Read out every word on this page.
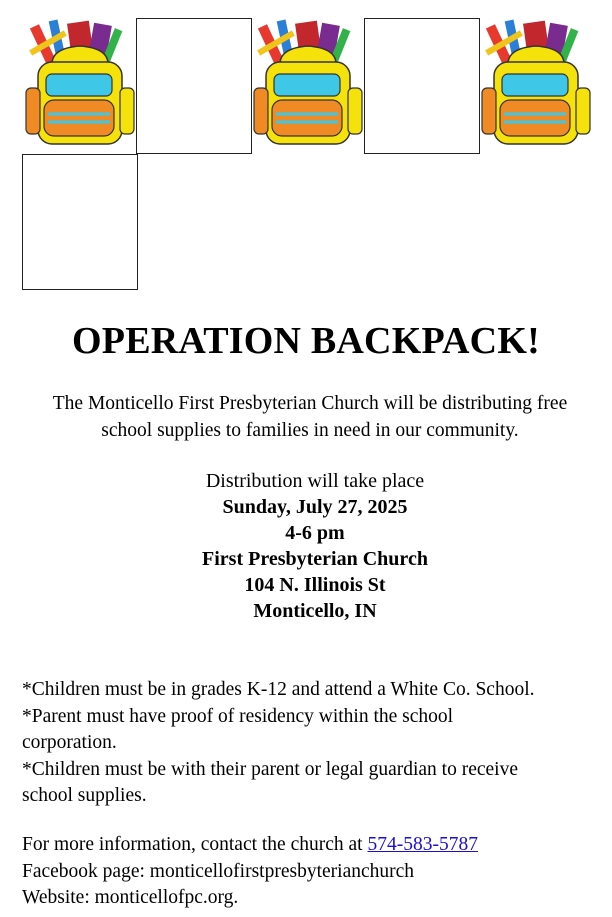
OPERATION BACKPACK!
The Monticello First Presbyterian Church will be distributing free
school supplies to families in need in our community.
Distribution will take place
Sunday, July 27, 2025
4-6 pm
First Presbyterian Church
104 N. Illinois St
Monticello, IN
*Children must be in grades K-12 and attend a White Co. School.
*Parent must have proof of residency within the school
corporation.
*Children must be with their parent or legal guardian to receive
school supplies.
For more information, contact the church at 574-583-5787
Facebook page: monticellofirstpresbyterianchurch
Website: monticellofpc.org.
